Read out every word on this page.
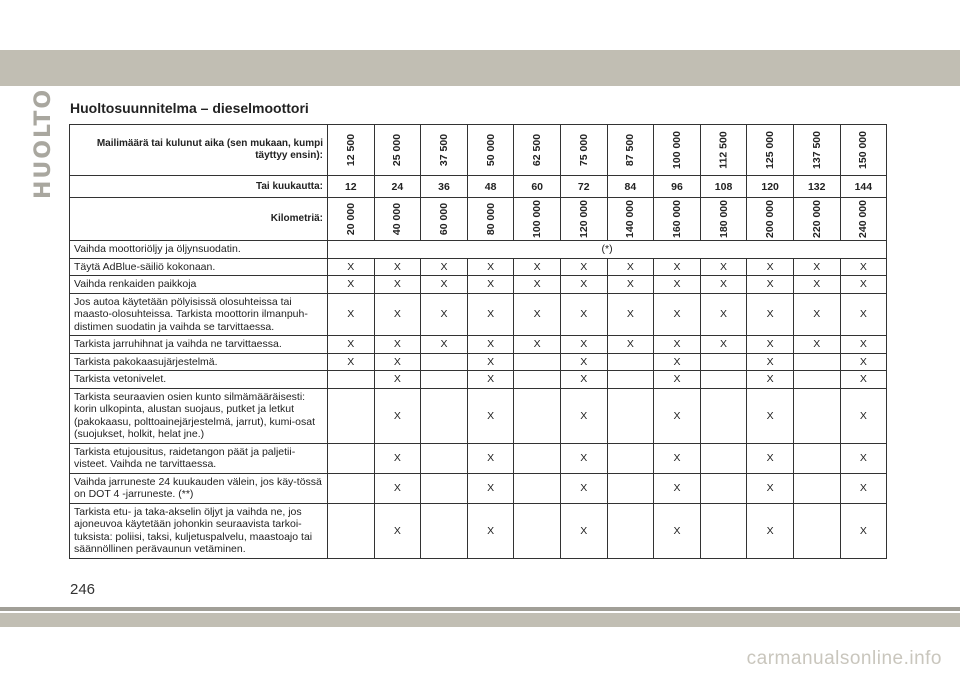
HUOLTO Huoltosuunnitelma – dieselmoottori
Mailimäärä tai kulunut aika (sen mukaan, kumpi täyttyy ensin):	12 500	25 000	37 500	50 000	62 500	75 000	87 500	100 000	112 500	125 000	137 500	150 000

Tai kuukautta:	12	24	36	48	60	72	84	96	108	120	132	144
Kilometriä:	20 000	40 000	60 000	80 000	100 000	120 000	140 000	160 000	180 000	200 000	220 000	240 000

Vaihda moottoriöljy ja öljynsuodatin.	(*)											
Täytä AdBlue-säiliö kokonaan.	X	X	X	X	X	X	X	X	X	X	X	X
Vaihda renkaiden paikkoja	X	X	X	X	X	X	X	X	X	X	X	X
Jos autoa käytetään pölyisissä olosuhteissa tai maasto-olosuhteissa. Tarkista moottorin ilmanpuh-distimen suodatin ja vaihda se tarvittaessa.	X	X	X	X	X	X	X	X	X	X	X	X
Tarkista jarruhihnat ja vaihda ne tarvittaessa.	X	X	X	X	X	X	X	X	X	X	X	X
Tarkista pakokaasujärjestelmä.	X	X		X		X		X		X		X
Tarkista vetonivelet.		X		X		X		X		X		X
Tarkista seuraavien osien kunto silmämääräisesti: korin ulkopinta, alustan suojaus, putket ja letkut (pakokaasu, polttoainejärjestelmä, jarrut), kumi-osat (suojukset, holkit, helat jne.)		X		X		X		X		X		X
Tarkista etujousitus, raidetangon päät ja paljetii-visteet. Vaihda ne tarvittaessa.		X		X		X		X		X		X
Vaihda jarruneste 24 kuukauden välein, jos käy-tössä on DOT 4 -jarruneste. (**)		X		X		X		X		X		X
Tarkista etu- ja taka-akselin öljyt ja vaihda ne, jos ajoneuvoa käytetään johonkin seuraavista tarkoi-tuksista: poliisi, taksi, kuljetuspalvelu, maastoajo tai säännöllinen perävaunun vetäminen.		X		X		X		X		X		X
246
carmanualsonline.info
